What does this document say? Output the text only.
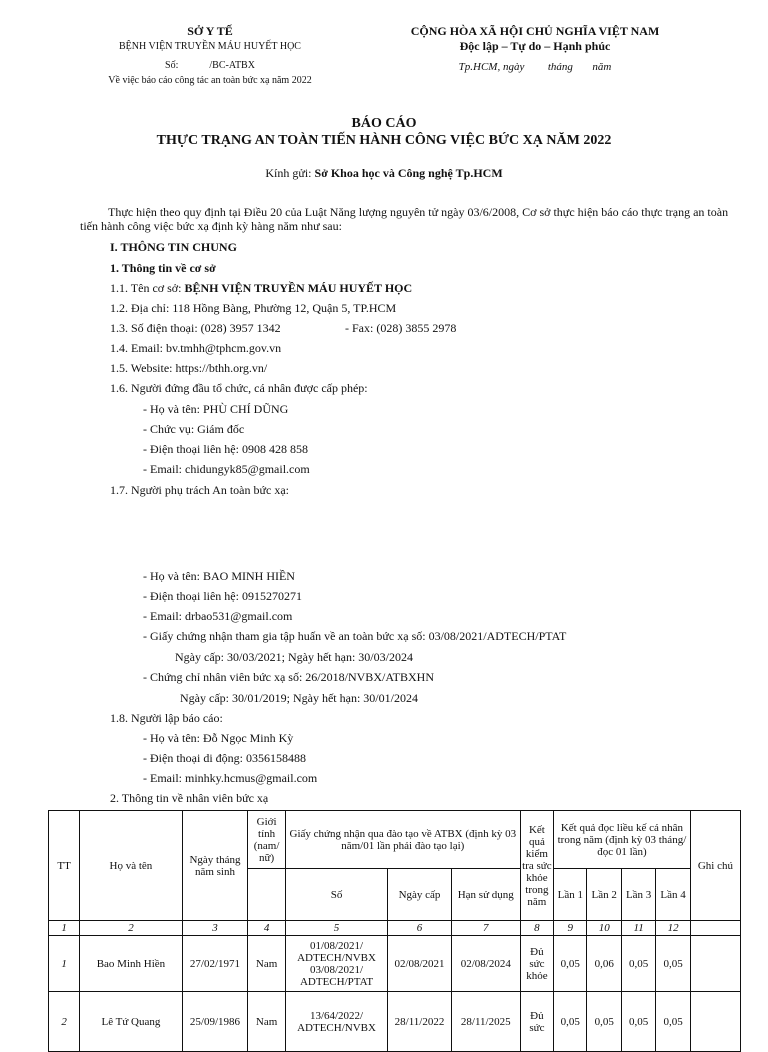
SỞ Y TẾ
BỆNH VIỆN TRUYỀN MÁU HUYẾT HỌC
Số:	/BC-ATBX
Về việc báo cáo công tác an toàn bức xạ năm 2022
CỘNG HÒA XÃ HỘI CHỦ NGHĨA VIỆT NAM
Độc lập – Tự do – Hạnh phúc
Tp.HCM, ngày tháng năm
BÁO CÁO
THỰC TRẠNG AN TOÀN TIẾN HÀNH CÔNG VIỆC BỨC XẠ NĂM 2022
Kính gửi: Sở Khoa học và Công nghệ Tp.HCM
Thực hiện theo quy định tại Điều 20 của Luật Năng lượng nguyên tử ngày 03/6/2008, Cơ sở thực hiện báo cáo thực trạng an toàn tiến hành công việc bức xạ định kỳ hàng năm như sau:
I. THÔNG TIN CHUNG
1. Thông tin về cơ sở
1.1. Tên cơ sở: BỆNH VIỆN TRUYỀN MÁU HUYẾT HỌC
1.2. Địa chỉ: 118 Hồng Bàng, Phường 12, Quận 5, TP.HCM
1.3. Số điện thoại: (028) 3957 1342	- Fax: (028) 3855 2978
1.4. Email: bv.tmhh@tphcm.gov.vn
1.5. Website: https://bthh.org.vn/
1.6. Người đứng đầu tổ chức, cá nhân được cấp phép:
- Họ và tên: PHÙ CHÍ DŨNG
- Chức vụ: Giám đốc
- Điện thoại liên hệ: 0908 428 858
- Email: chidungyk85@gmail.com
1.7. Người phụ trách An toàn bức xạ:
- Họ và tên: BAO MINH HIỀN
- Điện thoại liên hệ: 0915270271
- Email: drbao531@gmail.com
- Giấy chứng nhận tham gia tập huấn về an toàn bức xạ số: 03/08/2021/ADTECH/PTAT
Ngày cấp: 30/03/2021; Ngày hết hạn: 30/03/2024
- Chứng chỉ nhân viên bức xạ số: 26/2018/NVBX/ATBXHN
Ngày cấp: 30/01/2019; Ngày hết hạn: 30/01/2024
1.8. Người lập báo cáo:
- Họ và tên: Đỗ Ngọc Minh Kỳ
- Điện thoại di động: 0356158488
- Email: minhky.hcmus@gmail.com
2. Thông tin về nhân viên bức xạ
TT	Họ và tên	Ngày tháng năm sinh	Giới tính (nam/ nữ)	Giấy chứng nhận qua đào tạo về ATBX (định kỳ 03 năm/01 lần phải đào tạo lại)			Kết quả kiểm tra sức khỏe trong năm	Kết quả đọc liều kế cá nhân trong năm (định kỳ 03 tháng/đọc 01 lần)				Ghi chú
				Số	Ngày cấp	Hạn sử dụng		Lần 1	Lần 2	Lần 3	Lần 4	
1	2	3	4	5	6	7	8	9	10	11	12	
1	Bao Minh Hiền	27/02/1971	Nam	01/08/2021/ ADTECH/NVBX 03/08/2021/ ADTECH/PTAT	02/08/2021	02/08/2024	Đủ sức khỏe	0,05	0,06	0,05	0,05	
2	Lê Tứ Quang	25/09/1986	Nam	13/64/2022/ ADTECH/NVBX	28/11/2022	28/11/2025	Đủ sức	0,05	0,05	0,05	0,05	
